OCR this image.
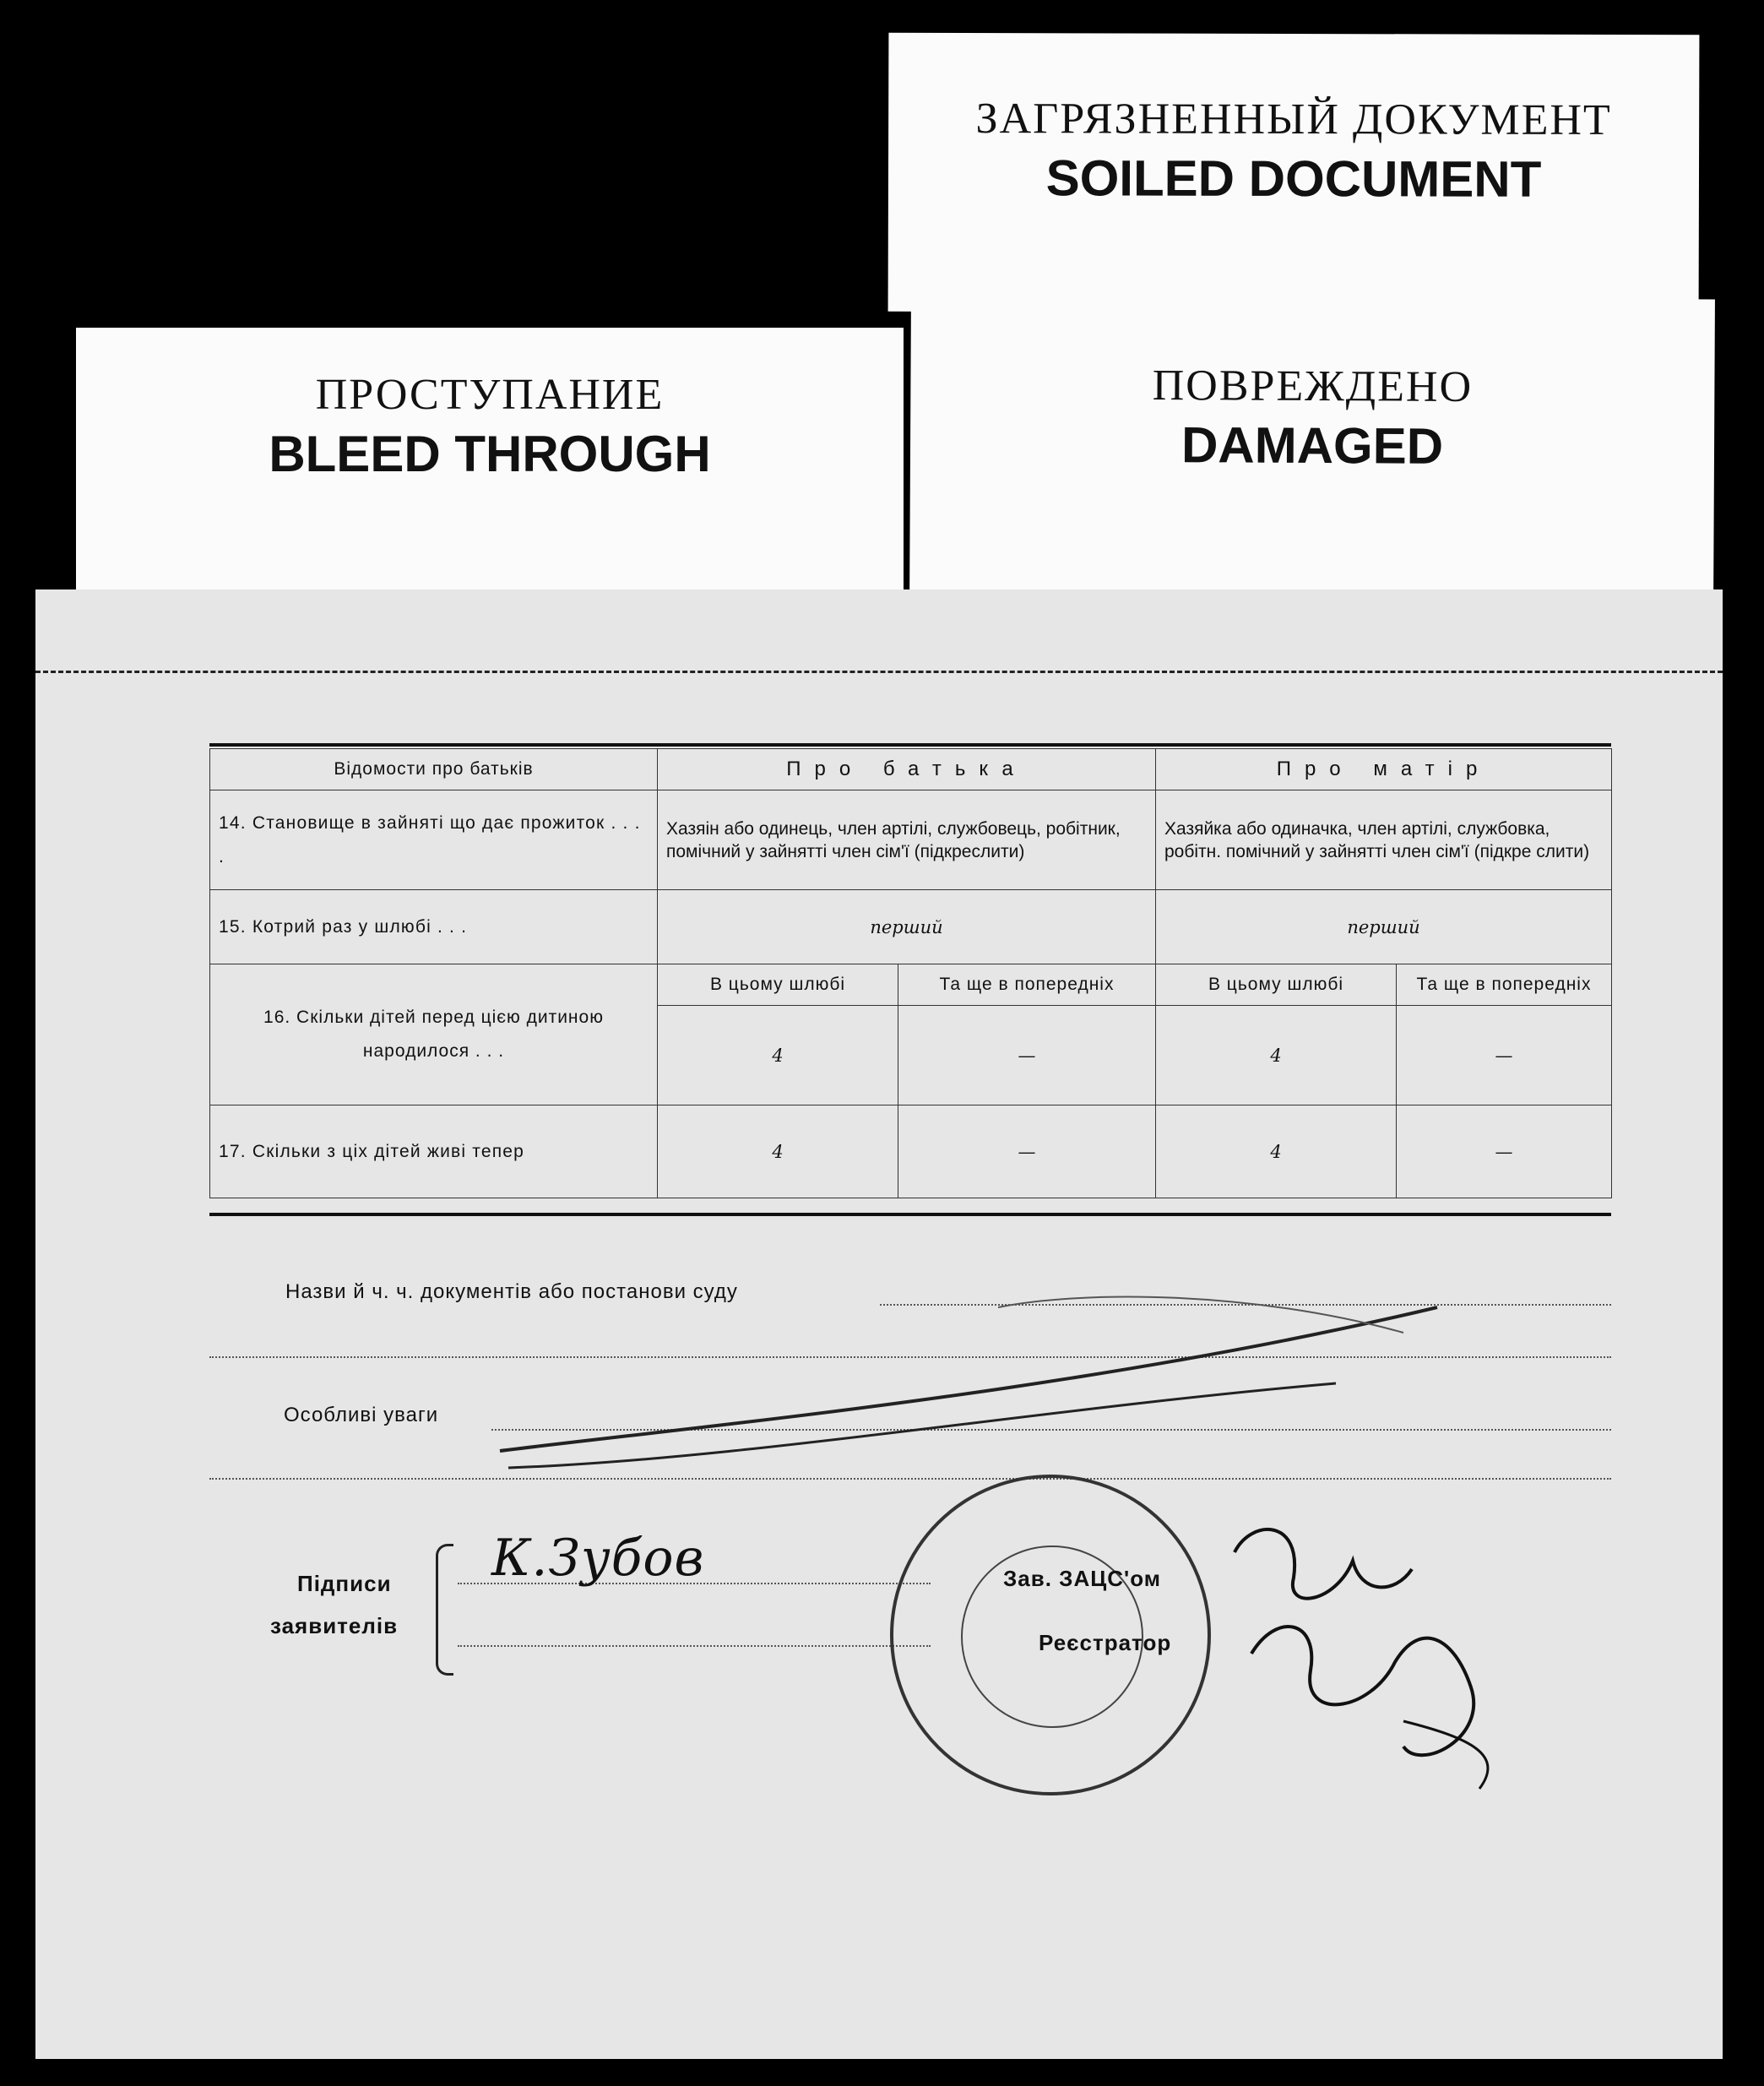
ЗАГРЯЗНЕННЫЙ ДОКУМЕНТ
SOILED DOCUMENT
ПОВРЕЖДЕНО
DAMAGED
ПРОСТУПАНИЕ
BLEED THROUGH
Відомости про батьків	Про батька		Про матір	
14. Становище в зайняті що дає прожиток . . . .	Хазяін або одинець, член артілі, службовець, робітник, помічний у зайнятті член сім'ї (підкреслити)		Хазяйка або одиначка, член артілі, службовка, робітн. помічний у зайнятті член сім'ї (підкре слити)	
15. Котрий раз у шлюбі . . .	перший		перший	
16. Скільки дітей перед цією дитиною народилося . . .	В цьому шлюбі	Та ще в попередніх	В цьому шлюбі	Та ще в попередніх
	4	—	4	—
17. Скільки з ціх дітей живі тепер	4	—	4	—
Назви й ч. ч. документів або постанови суду
Особливі уваги
Підписи
заявителів
К.Зубов	Зав. ЗАЦС'ом
Реєстратор
